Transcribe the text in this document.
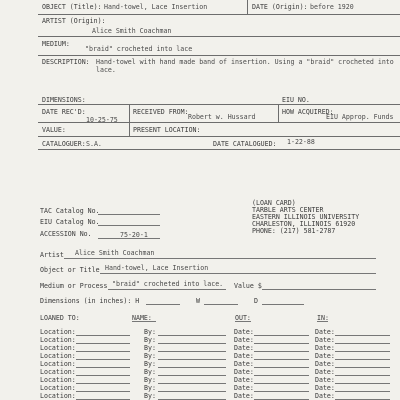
OBJECT (Title): Hand-towel, Lace Insertion	DATE (Origin): before 1920
ARTIST (Origin):
Alice Smith Coachman
MEDIUM:
"braid" crocheted into lace
DESCRIPTION: Hand-towel with hand made band of insertion. Using a "braid" crocheted into lace.
DIMENSIONS:	EIU NO.
DATE REC'D:
10-25-75
RECEIVED FROM:
Robert w. Hussard
HOW ACQUIRED:
EIU Approp. Funds
VALUE:	PRESENT LOCATION:
CATALOGUER: S.A.	DATE CATALOGUED: 1-22-88
TAC Catalog No.
EIU Catalog No.
ACCESSION No.	75-20-1
(LOAN CARD)
TARBLE ARTS CENTER
EASTERN ILLINOIS UNIVERSITY
CHARLESTON, ILLINOIS 61920
PHONE: (217) 581-2787
Artist Alice Smith Coachman
Object or Title Hand-towel, Lace Insertion
Medium or Process "braid" crocheted into lace. Value $
Dimensions (in inches): H	W	D
LOANED TO:	NAME:	OUT:	IN:
Location:	By:	Date:	Date:
Location:	By:	Date:	Date:
Location:	By:	Date:	Date:
Location:	By:	Date:	Date:
Location:	By:	Date:	Date:
Location:	By:	Date:	Date:
Location:	By:	Date:	Date:
Location:	By:	Date:	Date:
Location:	By:	Date:	Date:
